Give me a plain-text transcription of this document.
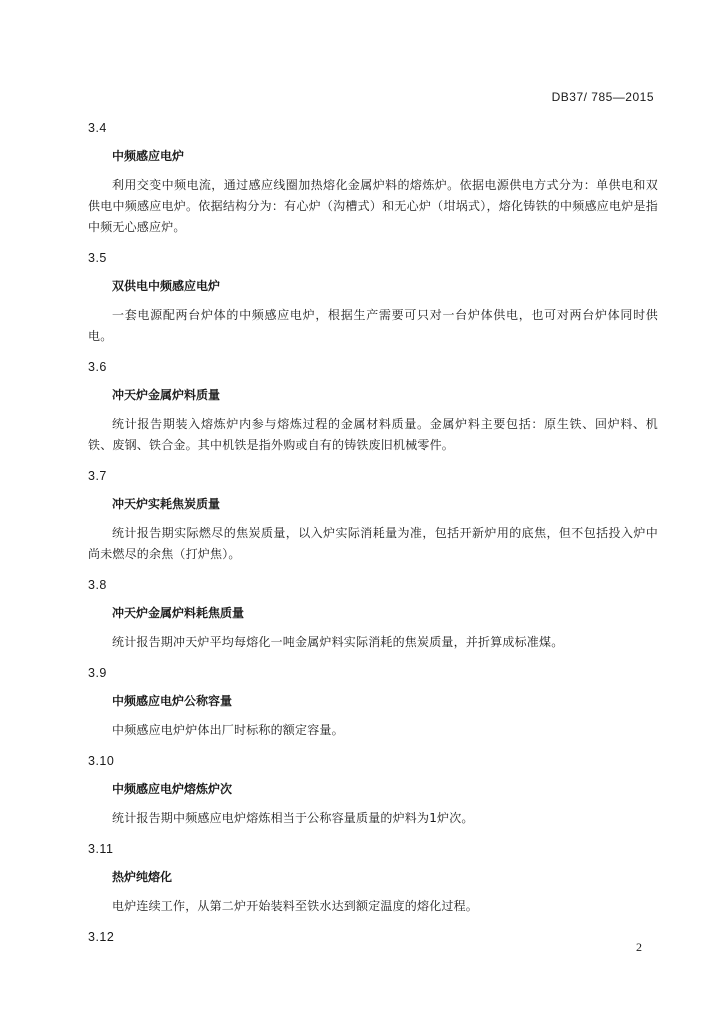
DB37/ 785—2015
3.4
中频感应电炉
利用交变中频电流，通过感应线圈加热熔化金属炉料的熔炼炉。依据电源供电方式分为：单供电和双供电中频感应电炉。依据结构分为：有心炉（沟槽式）和无心炉（坩埚式），熔化铸铁的中频感应电炉是指中频无心感应炉。
3.5
双供电中频感应电炉
一套电源配两台炉体的中频感应电炉，根据生产需要可只对一台炉体供电，也可对两台炉体同时供电。
3.6
冲天炉金属炉料质量
统计报告期装入熔炼炉内参与熔炼过程的金属材料质量。金属炉料主要包括：原生铁、回炉料、机铁、废钢、铁合金。其中机铁是指外购或自有的铸铁废旧机械零件。
3.7
冲天炉实耗焦炭质量
统计报告期实际燃尽的焦炭质量，以入炉实际消耗量为准，包括开新炉用的底焦，但不包括投入炉中尚未燃尽的余焦（打炉焦）。
3.8
冲天炉金属炉料耗焦质量
统计报告期冲天炉平均每熔化一吨金属炉料实际消耗的焦炭质量，并折算成标准煤。
3.9
中频感应电炉公称容量
中频感应电炉炉体出厂时标称的额定容量。
3.10
中频感应电炉熔炼炉次
统计报告期中频感应电炉熔炼相当于公称容量质量的炉料为1炉次。
3.11
热炉纯熔化
电炉连续工作，从第二炉开始装料至铁水达到额定温度的熔化过程。
3.12
2
